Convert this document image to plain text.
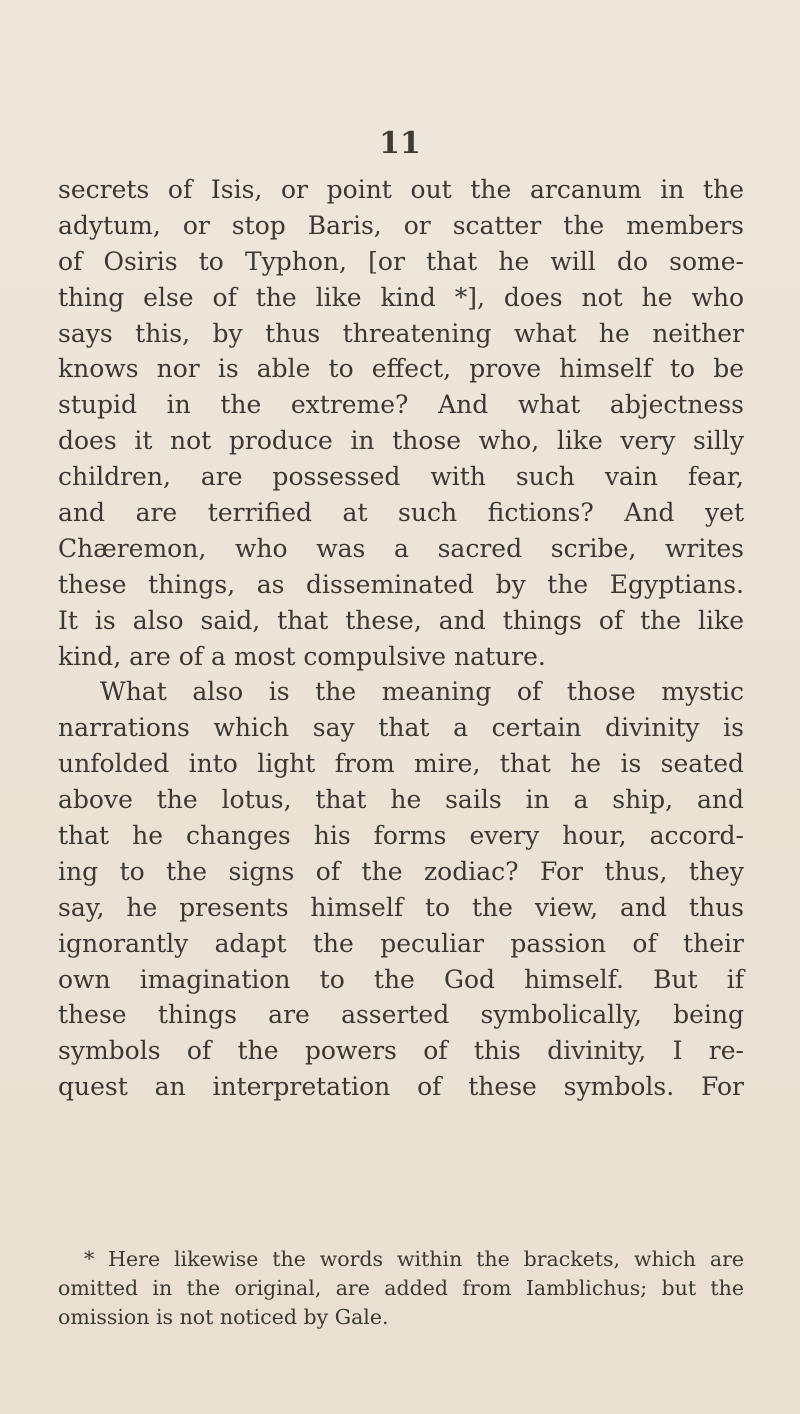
11
secrets of Isis, or point out the arcanum in the
adytum, or stop Baris, or scatter the members
of Osiris to Typhon, [or that he will do some-
thing else of the like kind *], does not he who
says this, by thus threatening what he neither
knows nor is able to effect, prove himself to be
stupid in the extreme? And what abjectness
does it not produce in those who, like very silly
children, are possessed with such vain fear,
and are terrified at such fictions? And yet
Chæremon, who was a sacred scribe, writes
these things, as disseminated by the Egyptians.
It is also said, that these, and things of the like
kind, are of a most compulsive nature.
What also is the meaning of those mystic
narrations which say that a certain divinity is
unfolded into light from mire, that he is seated
above the lotus, that he sails in a ship, and
that he changes his forms every hour, accord-
ing to the signs of the zodiac? For thus, they
say, he presents himself to the view, and thus
ignorantly adapt the peculiar passion of their
own imagination to the God himself. But if
these things are asserted symbolically, being
symbols of the powers of this divinity, I re-
quest an interpretation of these symbols. For
* Here likewise the words within the brackets, which are
omitted in the original, are added from Iamblichus; but the
omission is not noticed by Gale.
